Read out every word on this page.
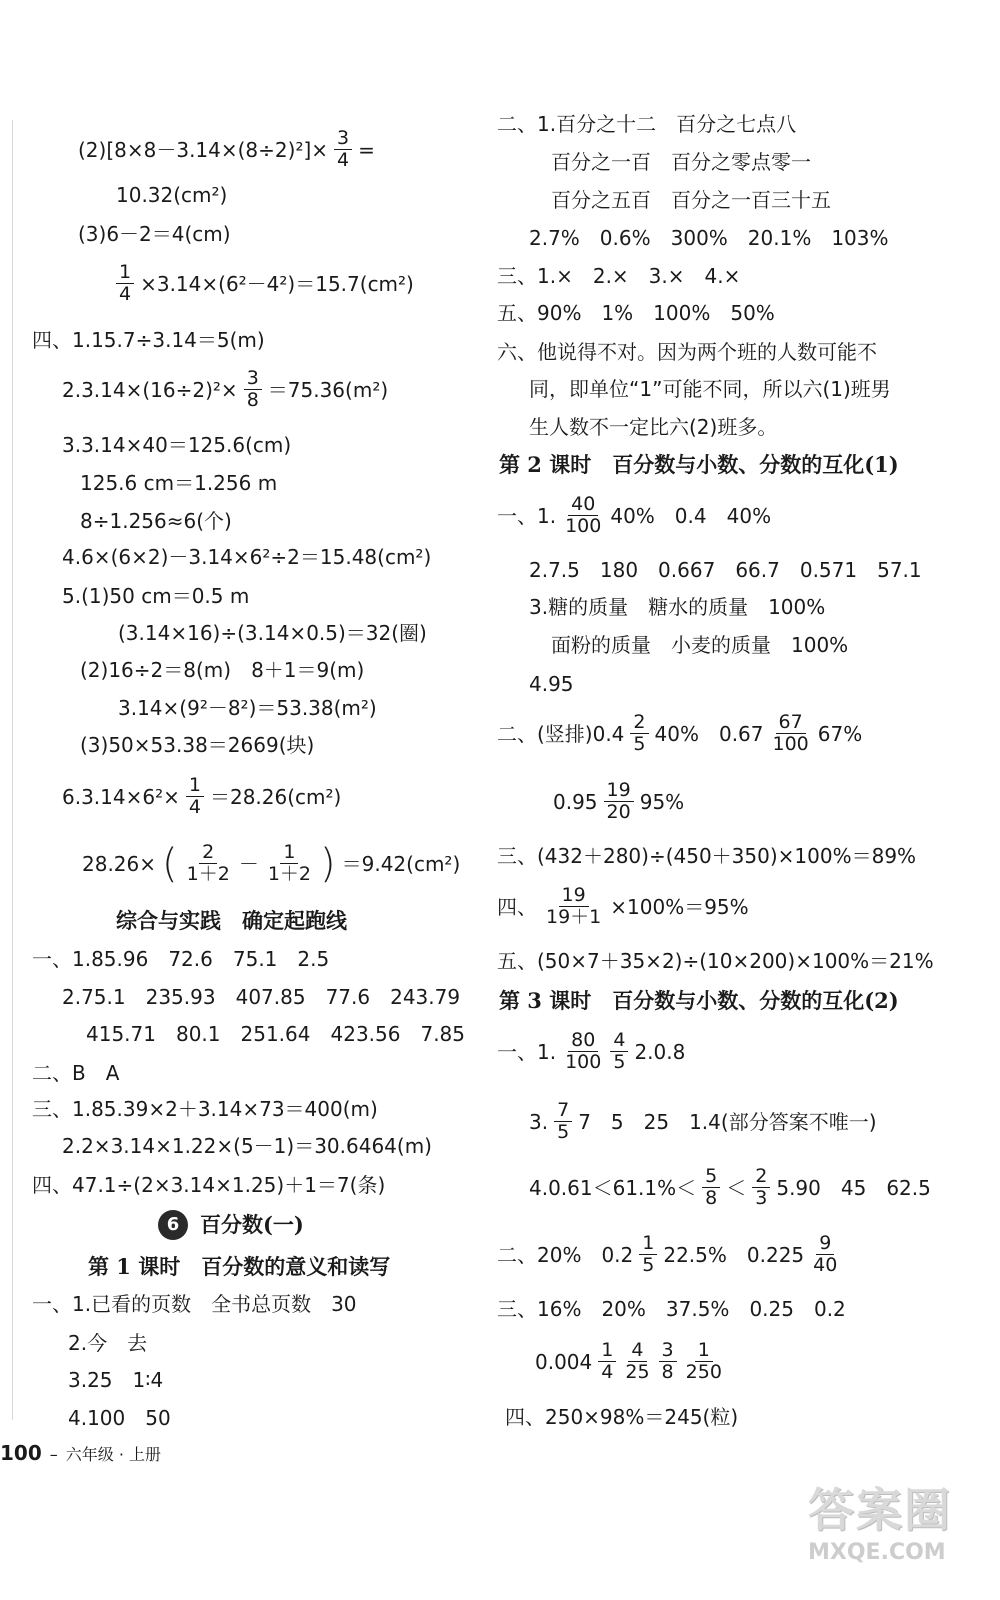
$(2)[8\times 8-3.14\times(8\div 2)^2]\times \frac{3}{4}$ =
10.32(cm²)
(3)6－2＝4(cm)
$\frac{1}{4} \times 3.14\times(6^2-4^2)=15.7(cm^2)$
四、1.15.7÷3.14＝5(m)
$2.3.14\times(16\div 2)^2\times \frac{3}{8} =75.36(m^2)$
3.3.14×40＝125.6(cm)
125.6 cm＝1.256 m
8÷1.256≈6(个)
4.6×(6×2)－3.14×6²÷2＝15.48(cm²)
5.(1)50 cm＝0.5 m
(3.14×16)÷(3.14×0.5)＝32(圈)
(2)16÷2＝8(m)　8＋1＝9(m)
3.14×(9²－8²)＝53.38(m²)
(3)50×53.38＝2669(块)
$6.3.14\times 6^2\times \frac{1}{4} =28.26(cm^2)$
28.26× ( $\frac{2}{1+2} - \frac{1}{1+2}$ ) ＝9.42(cm²)
综合与实践　确定起跑线
一、1.85.96　72.6　75.1　2.5
2.75.1　235.93　407.85　77.6　243.79
415.71　80.1　251.64　423.56　7.85
二、B　A
三、1.85.39×2＋3.14×73＝400(m)
2.2×3.14×1.22×(5－1)＝30.6464(m)
四、47.1÷(2×3.14×1.25)＋1＝7(条)
6 百分数(一)
第 1 课时　百分数的意义和读写
一、1.已看的页数　全书总页数　30
2.今　去
3.25　1∶4
4.100　50
二、1.百分之十二　百分之七点八
百分之一百　百分之零点零一
百分之五百　百分之一百三十五
2.7%　0.6%　300%　20.1%　103%
三、1.×　2.×　3.×　4.×
五、90%　1%　100%　50%
六、他说得不对。因为两个班的人数可能不
同，即单位“1”可能不同，所以六(1)班男
生人数不一定比六(2)班多。
第 2 课时　百分数与小数、分数的互化(1)
一、1. $\frac{40}{100} 40\%$　0.4　40%
2.7.5　180　0.667　66.7　0.571　57.1
3.糖的质量　糖水的质量　100%
面粉的质量　小麦的质量　100%
4.95
二、(竖排)$0.4 \frac{2}{5} 40\%$　$0.67 \frac{67}{100} 67\%$
$0.95 \frac{19}{20} 95\%$
三、(432＋280)÷(450＋350)×100%＝89%
四、 $\frac{19}{19+1} \times 100\%=95\%$
五、(50×7＋35×2)÷(10×200)×100%＝21%
第 3 课时　百分数与小数、分数的互化(2)
一、1. $\frac{80}{100} \frac{4}{5} 2.0.8$
3. $\frac{7}{5} 7$　5　25　1.4(部分答案不唯一)
$4.0.61<61.1\%< \frac{5}{8} < \frac{2}{3} 5.90$　45　62.5
二、20%　$0.2 \frac{1}{5} 22.5\%$　$0.225 \frac{9}{40}$
三、16%　20%　37.5%　0.25　0.2
$0.004 \frac{1}{4} \frac{4}{25} \frac{3}{8} \frac{1}{250}$
四、250×98%＝245(粒)
100 – 六年级 · 上册
答案圈
MXQE.COM
